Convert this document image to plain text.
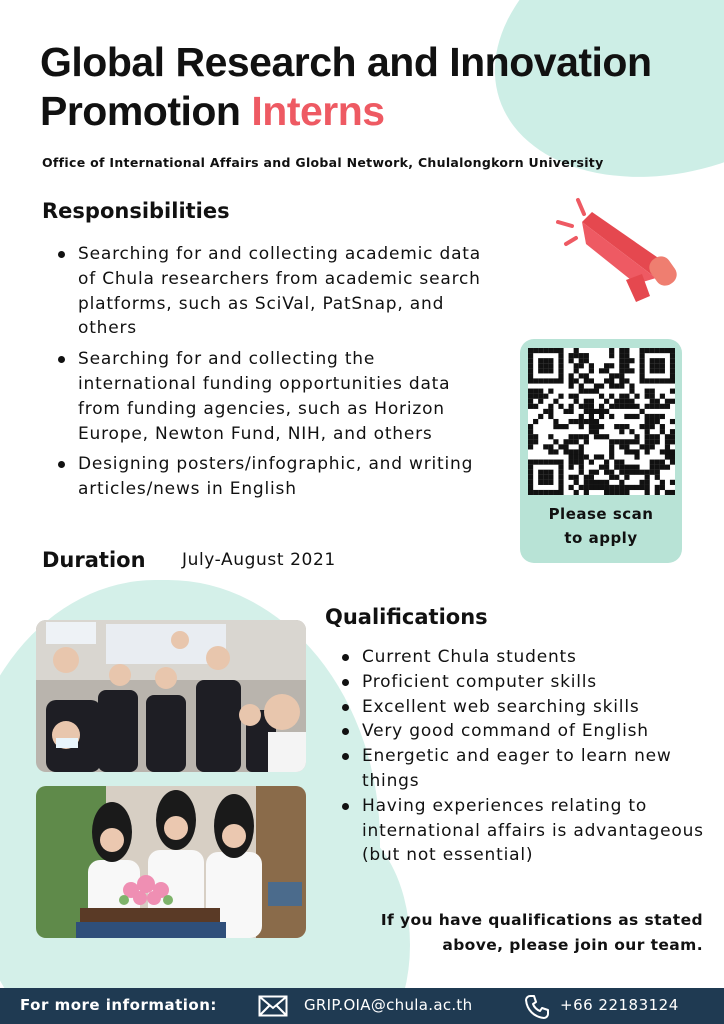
Global Research and Innovation
Promotion Interns
Office of International Affairs and Global Network, Chulalongkorn University
Responsibilities
Searching for and collecting academic data of Chula researchers from academic search platforms, such as SciVal, PatSnap, and others
Searching for and collecting the international funding opportunities data from funding agencies, such as Horizon Europe, Newton Fund, NIH, and others
Designing posters/infographic, and writing articles/news in English
Please scan
to apply
Duration July-August 2021
Qualifications
Current Chula students
Proficient computer skills
Excellent web searching skills
Very good command of English
Energetic and eager to learn new things
Having experiences relating to international affairs is advantageous (but not essential)
If you have qualifications as stated
above, please join our team.
For more information:	GRIP.OIA@chula.ac.th	+66 22183124
